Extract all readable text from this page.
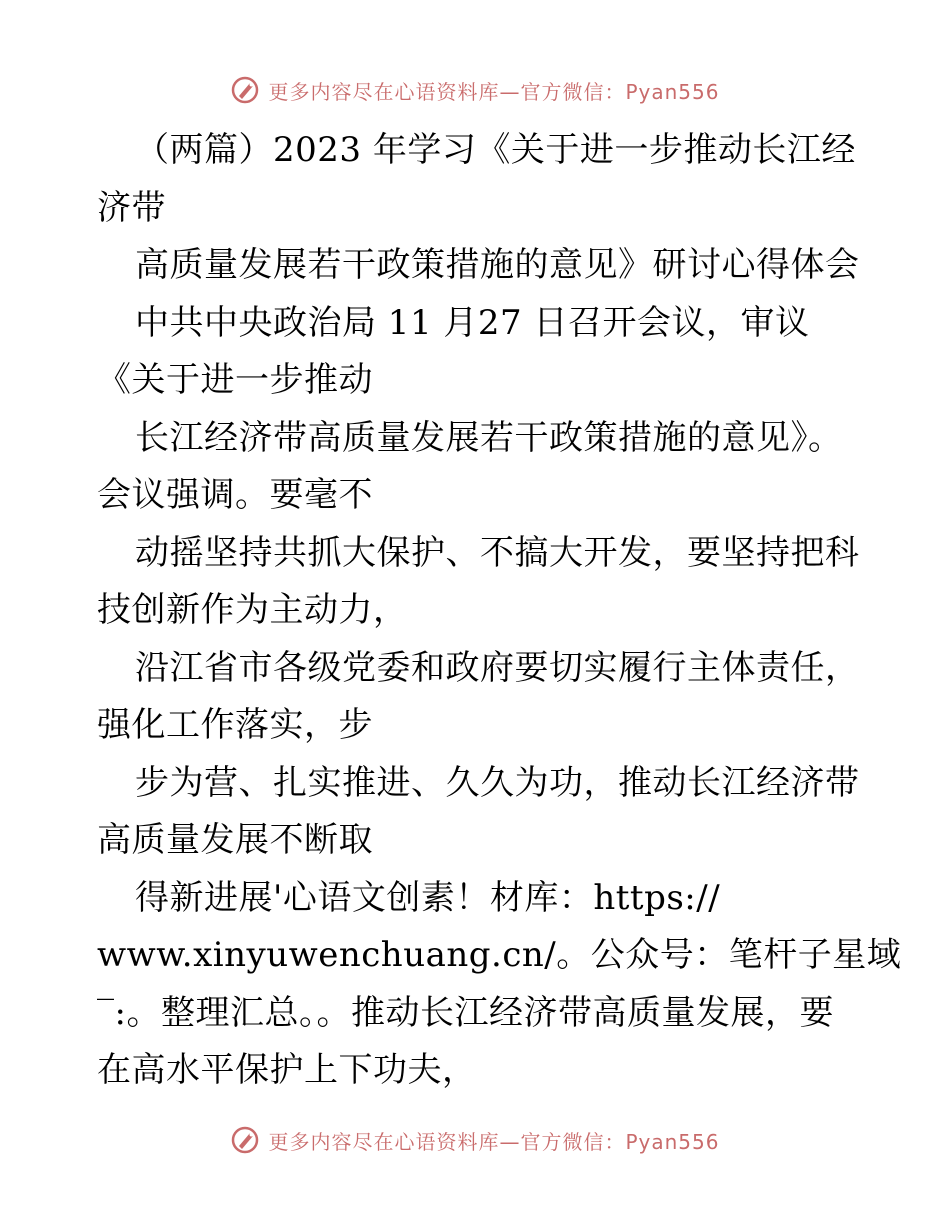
更多内容尽在心语资料库—官方微信：Pyan556
（两篇）2023 年学习《关于进一步推动长江经
济带
高质量发展若干政策措施的意见》研讨心得体会
中共中央政治局 11 月27 日召开会议，审议
《关于进一步推动
长江经济带高质量发展若干政策措施的意见》。
会议强调。要毫不
动摇坚持共抓大保护、不搞大开发，要坚持把科
技创新作为主动力，
沿江省市各级党委和政府要切实履行主体责任，
强化工作落实，步
步为营、扎实推进、久久为功，推动长江经济带
高质量发展不断取
得新进展'心语文创素！材库：https://
www.xinyuwenchuang.cn/。公众号：笔杆子星域
‾:。整理汇总。。推动长江经济带高质量发展，要
在高水平保护上下功夫，
更多内容尽在心语资料库—官方微信：Pyan556
